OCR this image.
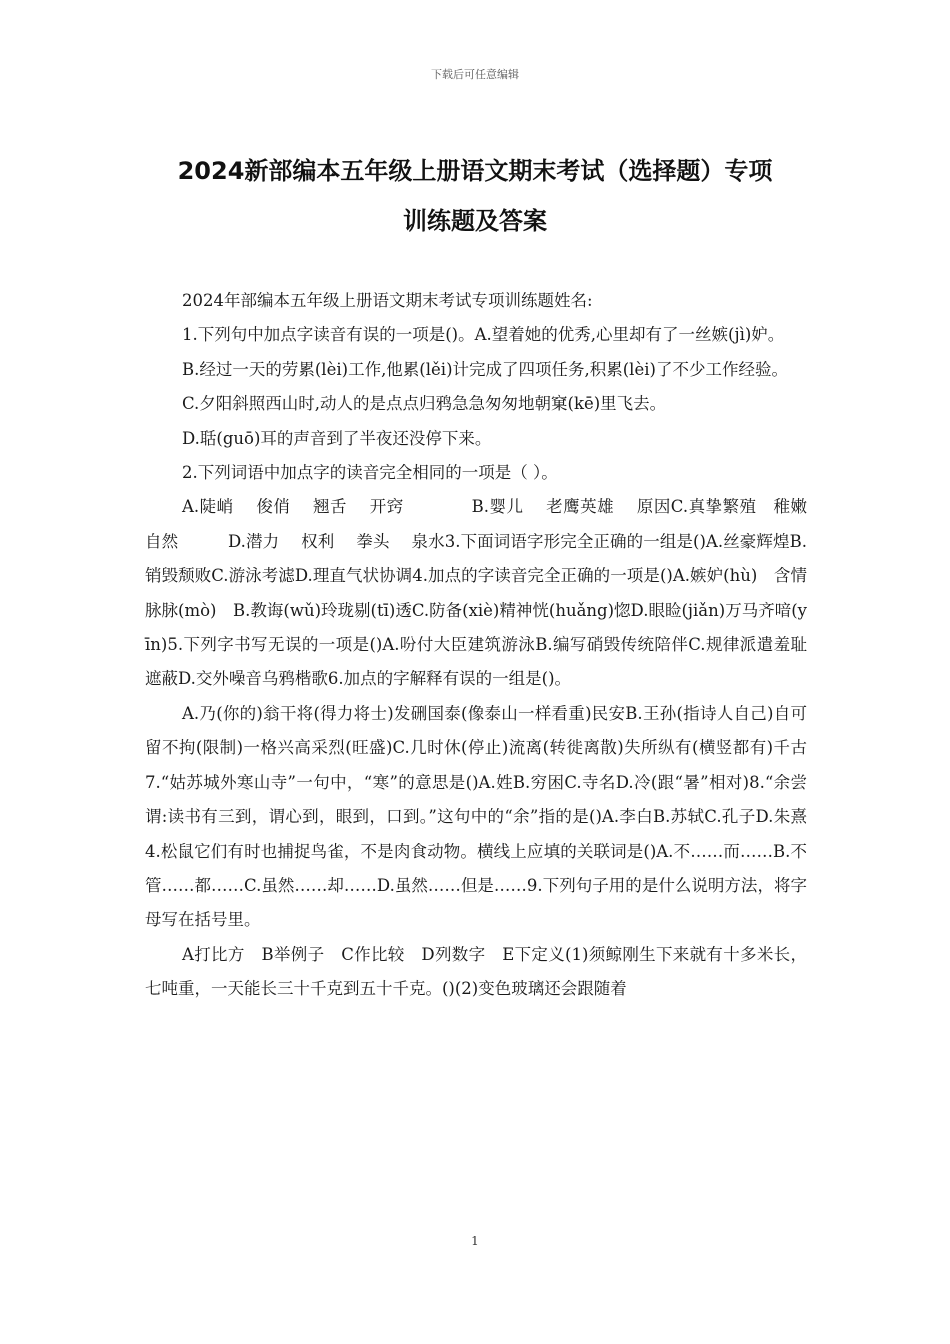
下载后可任意编辑
2024新部编本五年级上册语文期末考试（选择题）专项
训练题及答案

2024年部编本五年级上册语文期末考试专项训练题姓名:

1.下列句中加点字读音有误的一项是()。A.望着她的优秀,心里却有了一丝嫉(jì)妒。

B.经过一天的劳累(lèi)工作,他累(lěi)计完成了四项任务,积累(lèi)了不少工作经验。

C.夕阳斜照西山时,动人的是点点归鸦急急匆匆地朝窠(kē)里飞去。

D.聒(guō)耳的声音到了半夜还没停下来。

2.下列词语中加点字的读音完全相同的一项是（ ）。

A.陡峭　 俊俏　 翘舌　 开窍　　　　B.婴儿　 老鹰英雄　 原因C.真挚繁殖　稚嫩　 自然　　　D.潜力　 权利　 拳头　 泉水3.下面词语字形完全正确的一组是()A.丝豪辉煌B.销毁颓败C.游泳考滤D.理直气状协调4.加点的字读音完全正确的一项是()A.嫉妒(hù)　含情脉脉(mò)　B.教诲(wǔ)玲珑剔(tī)透C.防备(xiè)精神恍(huǎng)惚D.眼睑(jiǎn)万马齐喑(yīn)5.下列字书写无误的一项是()A.吩付大臣建筑游泳B.编写硝毁传统陪伴C.规律派遣羞耻遮蔽D.交外噪音乌鸦楷歌6.加点的字解释有误的一组是()。

A.乃(你的)翁干将(得力将士)发硎国泰(像泰山一样看重)民安B.王孙(指诗人自己)自可留不拘(限制)一格兴高采烈(旺盛)C.几时休(停止)流离(转徙离散)失所纵有(横竖都有)千古7.“姑苏城外寒山寺”一句中，“寒”的意思是()A.姓B.穷困C.寺名D.冷(跟“暑”相对)8.“余尝谓:读书有三到，谓心到，眼到，口到。”这句中的“余”指的是()A.李白B.苏轼C.孔子D.朱熹4.松鼠它们有时也捕捉鸟雀，不是肉食动物。横线上应填的关联词是()A.不……而……B.不管……都……C.虽然……却……D.虽然……但是……9.下列句子用的是什么说明方法，将字母写在括号里。

A打比方　B举例子　C作比较　D列数字　E下定义(1)须鲸刚生下来就有十多米长，七吨重，一天能长三十千克到五十千克。()(2)变色玻璃还会跟随着

1
